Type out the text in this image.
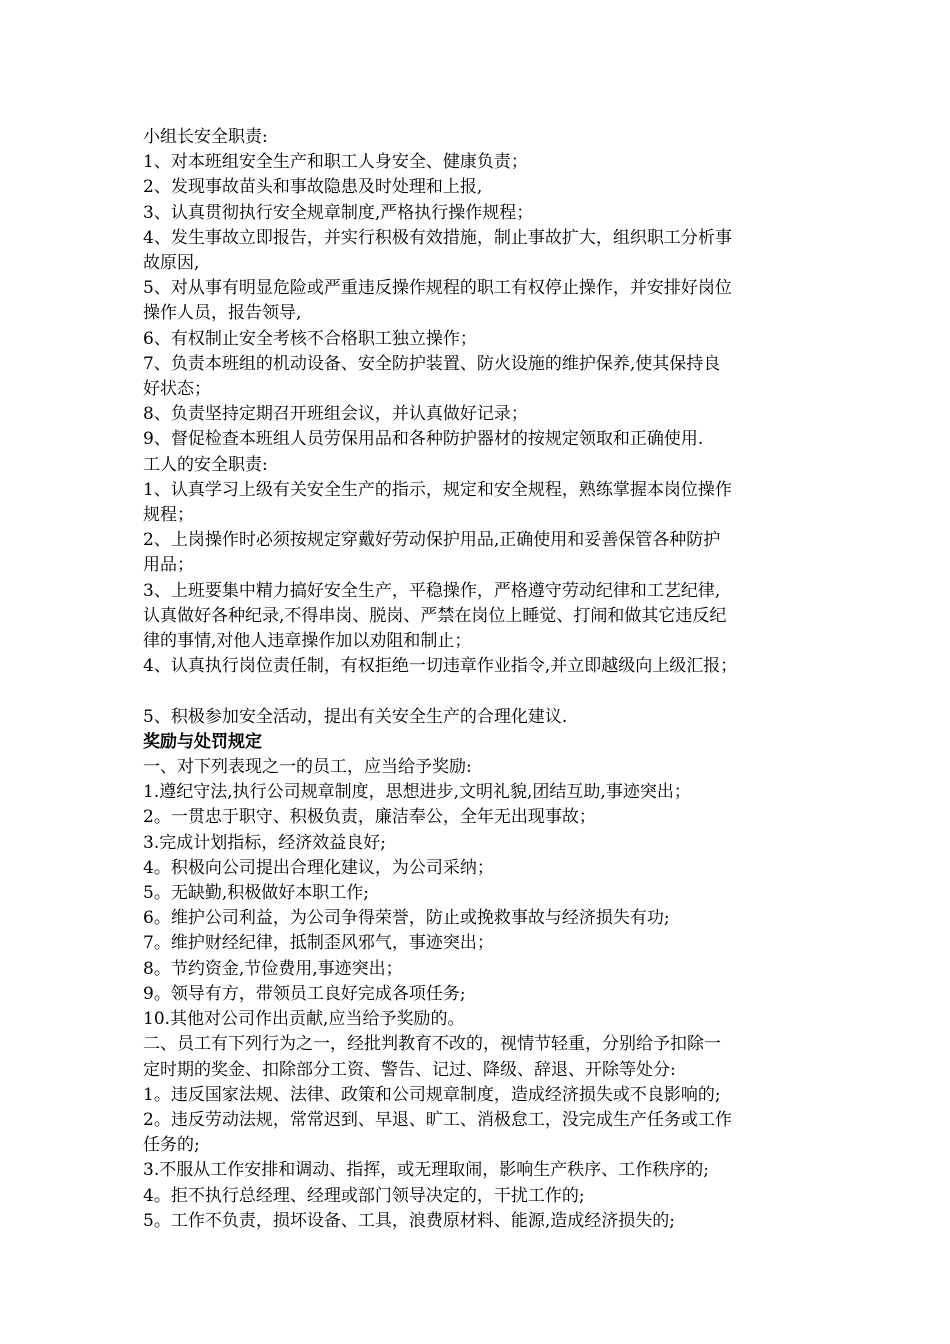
小组长安全职责:
1、对本班组安全生产和职工人身安全、健康负责；
2、发现事故苗头和事故隐患及时处理和上报,
3、认真贯彻执行安全规章制度,严格执行操作规程；
4、发生事故立即报告，并实行积极有效措施，制止事故扩大，组织职工分析事
故原因,
5、对从事有明显危险或严重违反操作规程的职工有权停止操作，并安排好岗位
操作人员，报告领导,
6、有权制止安全考核不合格职工独立操作；
7、负责本班组的机动设备、安全防护装置、防火设施的维护保养,使其保持良
好状态；
8、负责坚持定期召开班组会议，并认真做好记录；
9、督促检查本班组人员劳保用品和各种防护器材的按规定领取和正确使用.
工人的安全职责:
1、认真学习上级有关安全生产的指示，规定和安全规程，熟练掌握本岗位操作
规程；
2、上岗操作时必须按规定穿戴好劳动保护用品,正确使用和妥善保管各种防护
用品；
3、上班要集中精力搞好安全生产，平稳操作，严格遵守劳动纪律和工艺纪律,
认真做好各种纪录,不得串岗、脱岗、严禁在岗位上睡觉、打闹和做其它违反纪
律的事情,对他人违章操作加以劝阻和制止；
4、认真执行岗位责任制，有权拒绝一切违章作业指令,并立即越级向上级汇报；
5、积极参加安全活动，提出有关安全生产的合理化建议.
奖励与处罚规定
一、对下列表现之一的员工，应当给予奖励:
1.遵纪守法,执行公司规章制度，思想进步,文明礼貌,团结互助,事迹突出；
2。一贯忠于职守、积极负责，廉洁奉公，全年无出现事故；
3.完成计划指标，经济效益良好;
4。积极向公司提出合理化建议，为公司采纳；
5。无缺勤,积极做好本职工作;
6。维护公司利益，为公司争得荣誉，防止或挽救事故与经济损失有功;
7。维护财经纪律，抵制歪风邪气，事迹突出；
8。节约资金,节俭费用,事迹突出；
9。领导有方，带领员工良好完成各项任务;
10.其他对公司作出贡献,应当给予奖励的。
二、员工有下列行为之一，经批判教育不改的，视情节轻重，分别给予扣除一
定时期的奖金、扣除部分工资、警告、记过、降级、辞退、开除等处分:
1。违反国家法规、法律、政策和公司规章制度，造成经济损失或不良影响的;
2。违反劳动法规，常常迟到、早退、旷工、消极怠工，没完成生产任务或工作
任务的;
3.不服从工作安排和调动、指挥，或无理取闹，影响生产秩序、工作秩序的;
4。拒不执行总经理、经理或部门领导决定的，干扰工作的;
5。工作不负责，损坏设备、工具，浪费原材料、能源,造成经济损失的;
